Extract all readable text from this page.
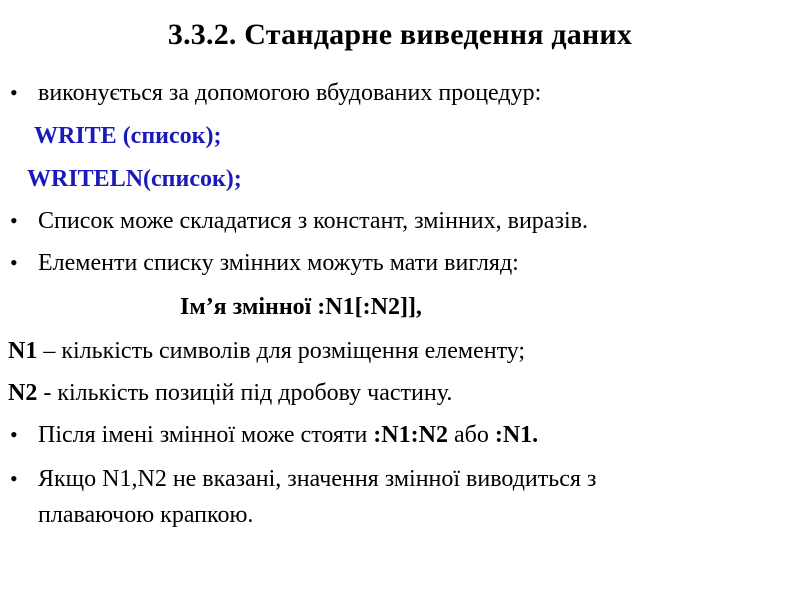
3.3.2. Стандарне виведення даних
• виконується за допомогою вбудованих процедур:
WRITE (список);
WRITELN(список);
• Список може складатися з констант, змінних, виразів.
• Елементи списку змінних можуть мати вигляд:
Ім’я змінної :N1[:N2]],
N1 – кількість символів для розміщення елементу;
N2 - кількість позицій під дробову частину.
• Після імені змінної може стояти :N1:N2 або :N1.
• Якщо N1,N2 не вказані, значення змінної виводиться з
плаваючою крапкою.
